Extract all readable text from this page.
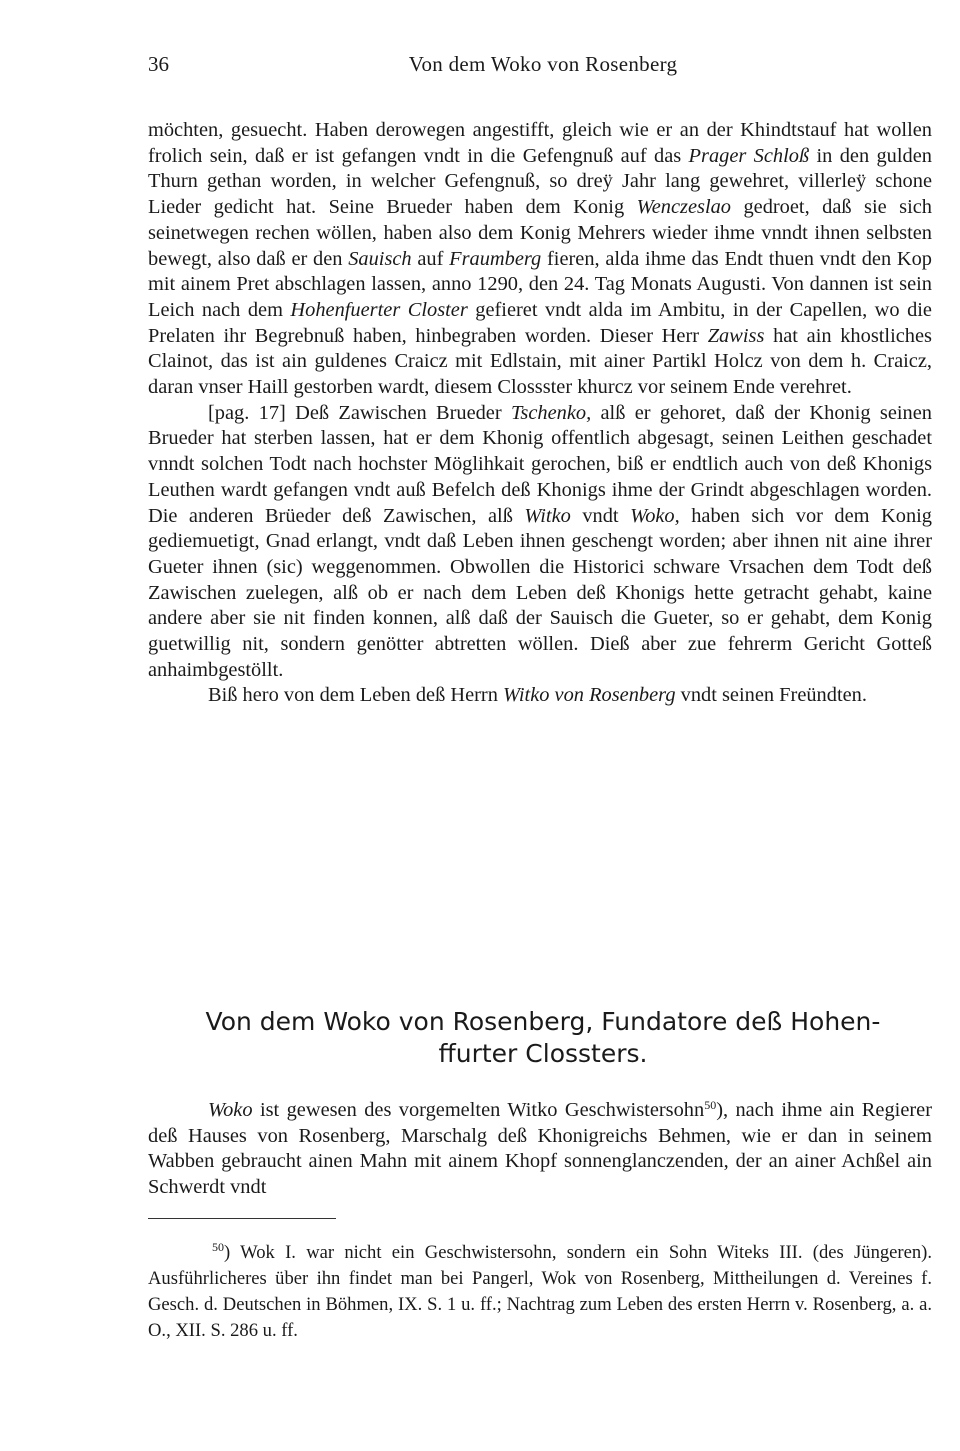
36	Von dem Woko von Rosenberg

möchten, gesuecht. Haben derowegen angestifft, gleich wie er an der Khindtstauf hat wollen frolich sein, daß er ist gefangen vndt in die Gefengnuß auf das Prager Schloß in den gulden Thurn gethan worden, in welcher Gefengnuß, so dreÿ Jahr lang gewehret, villerleÿ schone Lieder gedicht hat. Seine Brueder haben dem Konig Wenczeslao gedroet, daß sie sich seinetwegen rechen wöllen, haben also dem Konig Mehrers wieder ihme vnndt ihnen selbsten bewegt, also daß er den Sauisch auf Fraumberg fieren, alda ihme das Endt thuen vndt den Kop mit ainem Pret abschlagen lassen, anno 1290, den 24. Tag Monats Augusti. Von dannen ist sein Leich nach dem Hohenfuerter Closter gefieret vndt alda im Ambitu, in der Capellen, wo die Prelaten ihr Begrebnuß haben, hinbegraben worden. Dieser Herr Zawiss hat ain khostliches Clainot, das ist ain guldenes Craicz mit Edlstain, mit ainer Partikl Holcz von dem h. Craicz, daran vnser Haill gestorben wardt, diesem Clossster khurcz vor seinem Ende verehret.

[pag. 17] Deß Zawischen Brueder Tschenko, alß er gehoret, daß der Khonig seinen Brueder hat sterben lassen, hat er dem Khonig offentlich abgesagt, seinen Leithen geschadet vnndt solchen Todt nach hochster Möglihkait gerochen, biß er endtlich auch von deß Khonigs Leuthen wardt gefangen vndt auß Befelch deß Khonigs ihme der Grindt abgeschlagen worden. Die anderen Brüeder deß Zawischen, alß Witko vndt Woko, haben sich vor dem Konig gediemuetigt, Gnad erlangt, vndt daß Leben ihnen geschengt worden; aber ihnen nit aine ihrer Gueter ihnen (sic) weggenommen. Obwollen die Historici schware Vrsachen dem Todt deß Zawischen zuelegen, alß ob er nach dem Leben deß Khonigs hette getracht gehabt, kaine andere aber sie nit finden konnen, alß daß der Sauisch die Gueter, so er gehabt, dem Konig guetwillig nit, sondern genötter abtretten wöllen. Dieß aber zue fehrerm Gericht Gotteß anhaimbgestöllt.

Biß hero von dem Leben deß Herrn Witko von Rosenberg vndt seinen Freündten.

Von dem Woko von Rosenberg, Fundatore deß Hohen-
ffurter Clossters.

Woko ist gewesen des vorgemelten Witko Geschwistersohn$^{50}$), nach ihme ain Regierer deß Hauses von Rosenberg, Marschalg deß Khonigreichs Behmen, wie er dan in seinem Wabben gebraucht ainen Mahn mit ainem Khopf sonnenglanczenden, der an ainer Achßel ain Schwerdt vndt

$^{50}$) Wok I. war nicht ein Geschwistersohn, sondern ein Sohn Witeks III. (des Jüngeren). Ausführlicheres über ihn findet man bei Pangerl, Wok von Rosenberg, Mittheilungen d. Vereines f. Gesch. d. Deutschen in Böhmen, IX. S. 1 u. ff.; Nachtrag zum Leben des ersten Herrn v. Rosenberg, a. a. O., XII. S. 286 u. ff.
